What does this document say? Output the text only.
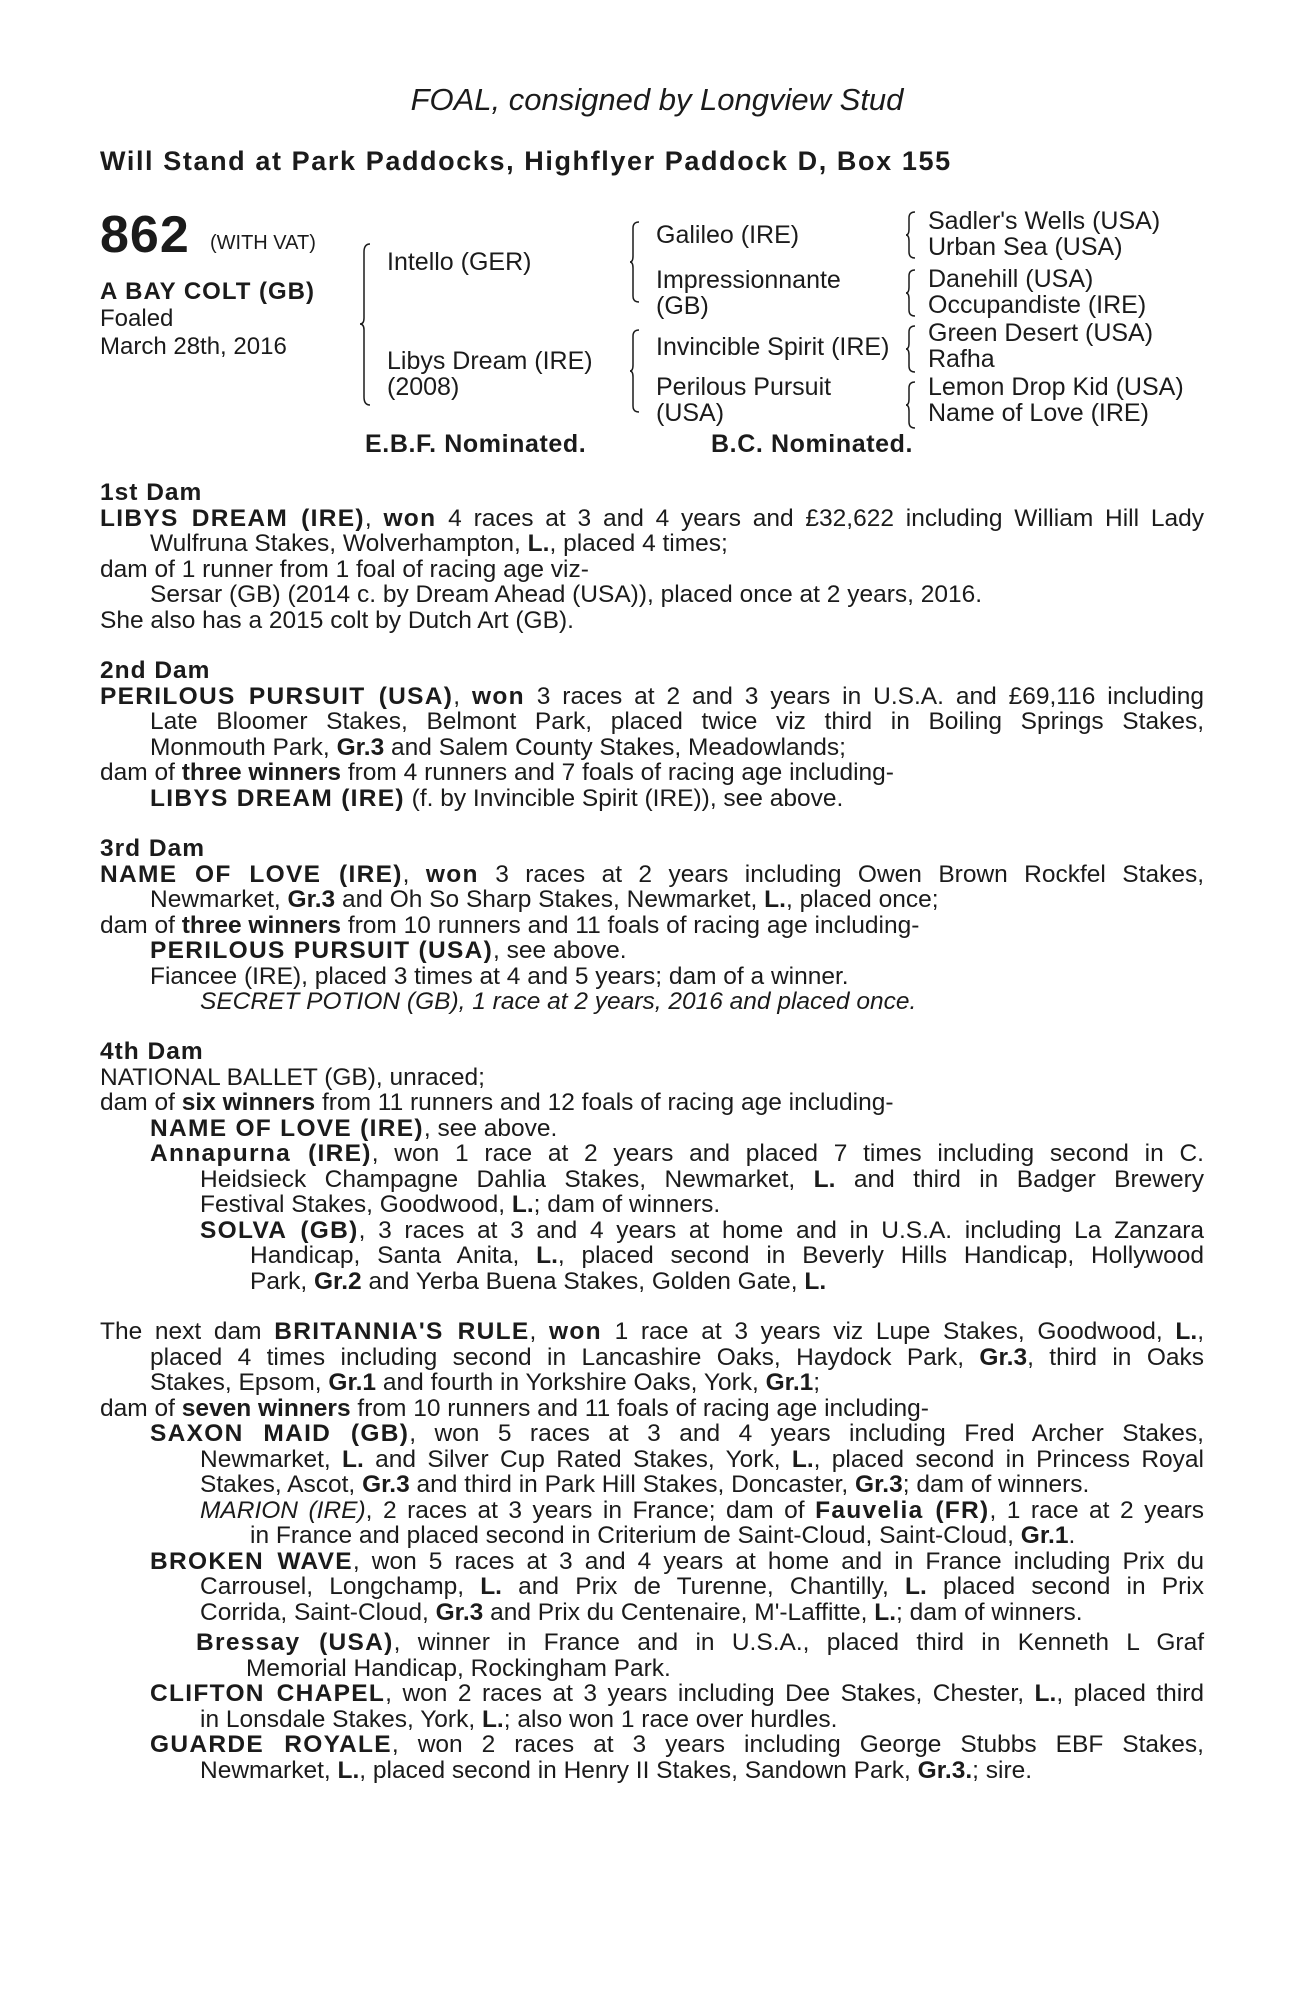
FOAL, consigned by Longview Stud
Will Stand at Park Paddocks, Highflyer Paddock D, Box 155
862 (WITH VAT)
A BAY COLT (GB)
Foaled
March 28th, 2016
Intello (GER)
Libys Dream (IRE)
(2008)
Galileo (IRE)
Impressionnante
(GB)
Invincible Spirit (IRE)
Perilous Pursuit
(USA)
Sadler's Wells (USA)
Urban Sea (USA)
Danehill (USA)
Occupandiste (IRE)
Green Desert (USA)
Rafha
Lemon Drop Kid (USA)
Name of Love (IRE)
E.B.F. Nominated.	B.C. Nominated.
1st Dam
LIBYS DREAM (IRE), won 4 races at 3 and 4 years and £32,622 including William Hill Lady
Wulfruna Stakes, Wolverhampton, L., placed 4 times;
dam of 1 runner from 1 foal of racing age viz-
Sersar (GB) (2014 c. by Dream Ahead (USA)), placed once at 2 years, 2016.
She also has a 2015 colt by Dutch Art (GB).
2nd Dam
PERILOUS PURSUIT (USA), won 3 races at 2 and 3 years in U.S.A. and £69,116 including
Late Bloomer Stakes, Belmont Park, placed twice viz third in Boiling Springs Stakes,
Monmouth Park, Gr.3 and Salem County Stakes, Meadowlands;
dam of three winners from 4 runners and 7 foals of racing age including-
LIBYS DREAM (IRE) (f. by Invincible Spirit (IRE)), see above.
3rd Dam
NAME OF LOVE (IRE), won 3 races at 2 years including Owen Brown Rockfel Stakes,
Newmarket, Gr.3 and Oh So Sharp Stakes, Newmarket, L., placed once;
dam of three winners from 10 runners and 11 foals of racing age including-
PERILOUS PURSUIT (USA), see above.
Fiancee (IRE), placed 3 times at 4 and 5 years; dam of a winner.
SECRET POTION (GB), 1 race at 2 years, 2016 and placed once.
4th Dam
NATIONAL BALLET (GB), unraced;
dam of six winners from 11 runners and 12 foals of racing age including-
NAME OF LOVE (IRE), see above.
Annapurna (IRE), won 1 race at 2 years and placed 7 times including second in C.
Heidsieck Champagne Dahlia Stakes, Newmarket, L. and third in Badger Brewery
Festival Stakes, Goodwood, L.; dam of winners.
SOLVA (GB), 3 races at 3 and 4 years at home and in U.S.A. including La Zanzara
Handicap, Santa Anita, L., placed second in Beverly Hills Handicap, Hollywood
Park, Gr.2 and Yerba Buena Stakes, Golden Gate, L.
The next dam BRITANNIA'S RULE, won 1 race at 3 years viz Lupe Stakes, Goodwood, L.,
placed 4 times including second in Lancashire Oaks, Haydock Park, Gr.3, third in Oaks
Stakes, Epsom, Gr.1 and fourth in Yorkshire Oaks, York, Gr.1;
dam of seven winners from 10 runners and 11 foals of racing age including-
SAXON MAID (GB), won 5 races at 3 and 4 years including Fred Archer Stakes,
Newmarket, L. and Silver Cup Rated Stakes, York, L., placed second in Princess Royal
Stakes, Ascot, Gr.3 and third in Park Hill Stakes, Doncaster, Gr.3; dam of winners.
MARION (IRE), 2 races at 3 years in France; dam of Fauvelia (FR), 1 race at 2 years
in France and placed second in Criterium de Saint-Cloud, Saint-Cloud, Gr.1.
BROKEN WAVE, won 5 races at 3 and 4 years at home and in France including Prix du
Carrousel, Longchamp, L. and Prix de Turenne, Chantilly, L. placed second in Prix
Corrida, Saint-Cloud, Gr.3 and Prix du Centenaire, M'-Laffitte, L.; dam of winners.
Bressay (USA), winner in France and in U.S.A., placed third in Kenneth L Graf
Memorial Handicap, Rockingham Park.
CLIFTON CHAPEL, won 2 races at 3 years including Dee Stakes, Chester, L., placed third
in Lonsdale Stakes, York, L.; also won 1 race over hurdles.
GUARDE ROYALE, won 2 races at 3 years including George Stubbs EBF Stakes,
Newmarket, L., placed second in Henry II Stakes, Sandown Park, Gr.3.; sire.
